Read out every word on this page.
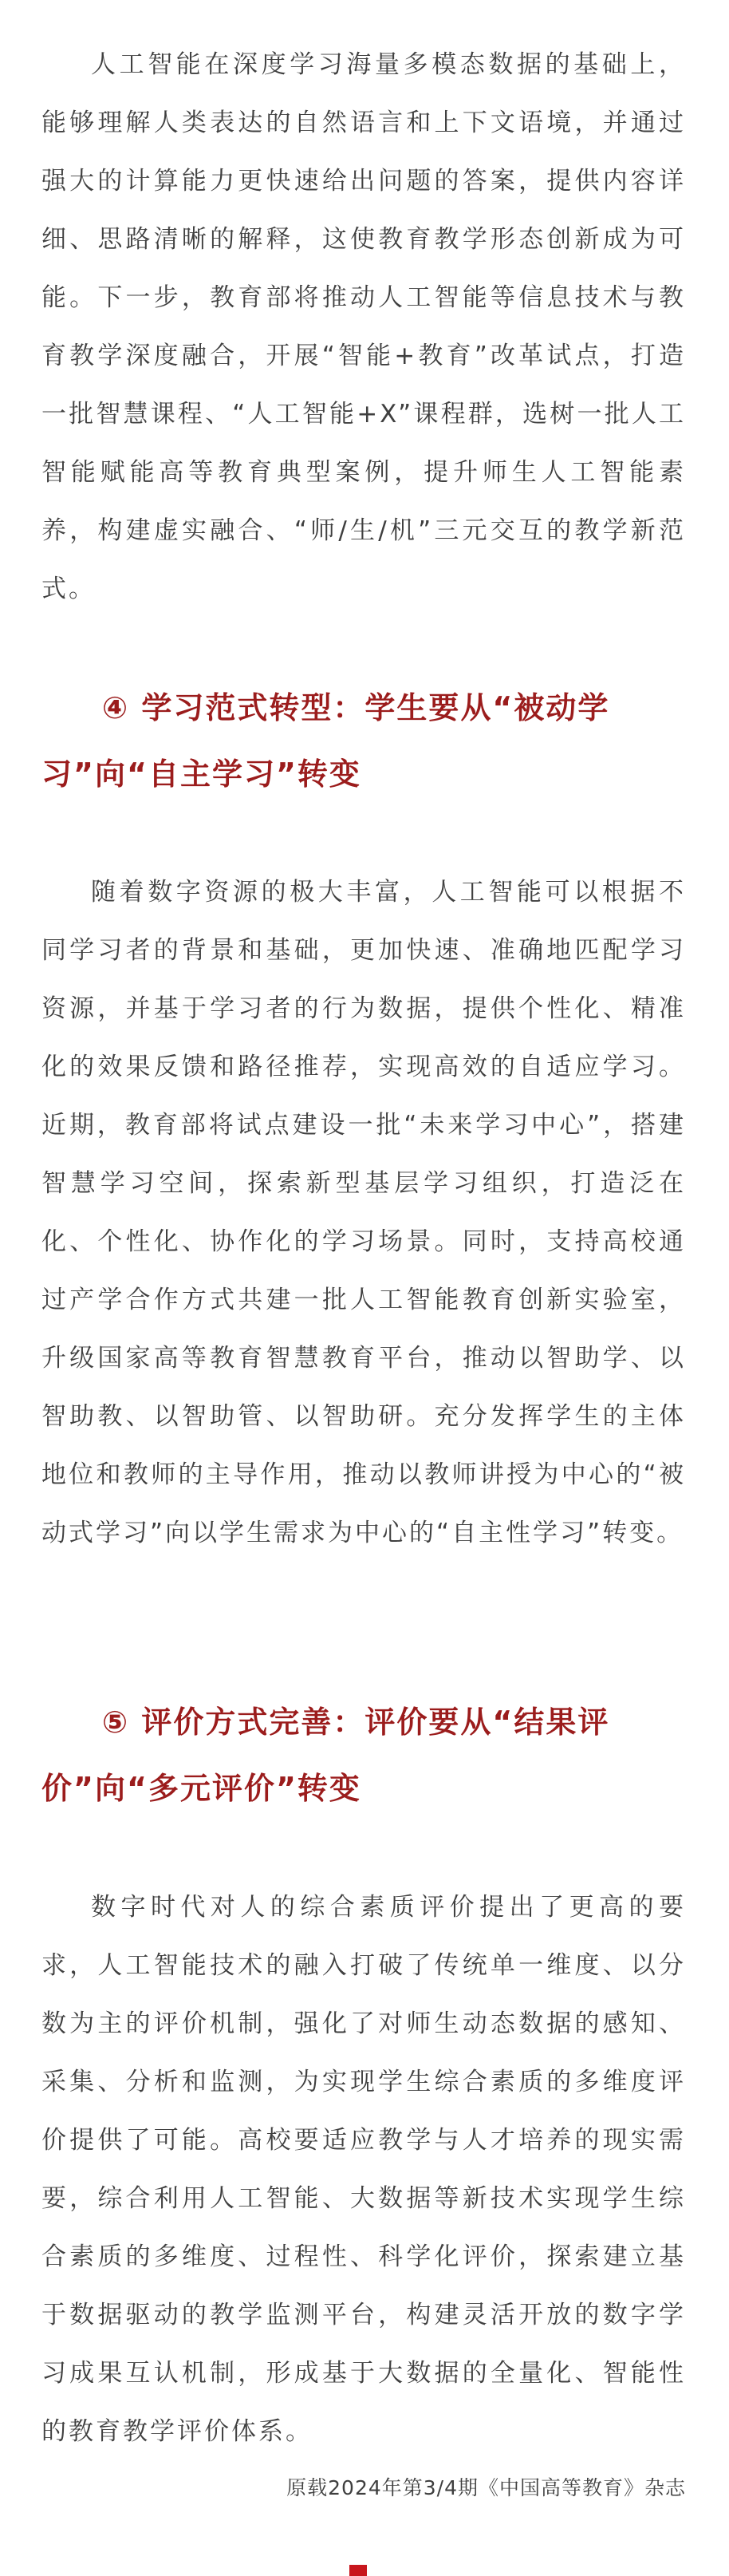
人工智能在深度学习海量多模态数据的基础上，能够理解人类表达的自然语言和上下文语境，并通过强大的计算能力更快速给出问题的答案，提供内容详细、思路清晰的解释，这使教育教学形态创新成为可能。下一步，教育部将推动人工智能等信息技术与教育教学深度融合，开展“智能+教育”改革试点，打造一批智慧课程、“人工智能+X”课程群，选树一批人工智能赋能高等教育典型案例，提升师生人工智能素养，构建虚实融合、“师/生/机”三元交互的教学新范式。

④ 学习范式转型：学生要从“被动学习”向“自主学习”转变

随着数字资源的极大丰富，人工智能可以根据不同学习者的背景和基础，更加快速、准确地匹配学习资源，并基于学习者的行为数据，提供个性化、精准化的效果反馈和路径推荐，实现高效的自适应学习。近期，教育部将试点建设一批“未来学习中心”，搭建智慧学习空间，探索新型基层学习组织，打造泛在化、个性化、协作化的学习场景。同时，支持高校通过产学合作方式共建一批人工智能教育创新实验室，升级国家高等教育智慧教育平台，推动以智助学、以智助教、以智助管、以智助研。充分发挥学生的主体地位和教师的主导作用，推动以教师讲授为中心的“被动式学习”向以学生需求为中心的“自主性学习”转变。

⑤ 评价方式完善：评价要从“结果评价”向“多元评价”转变

数字时代对人的综合素质评价提出了更高的要求，人工智能技术的融入打破了传统单一维度、以分数为主的评价机制，强化了对师生动态数据的感知、采集、分析和监测，为实现学生综合素质的多维度评价提供了可能。高校要适应教学与人才培养的现实需要，综合利用人工智能、大数据等新技术实现学生综合素质的多维度、过程性、科学化评价，探索建立基于数据驱动的教学监测平台，构建灵活开放的数字学习成果互认机制，形成基于大数据的全量化、智能性的教育教学评价体系。

原载2024年第3/4期《中国高等教育》杂志
